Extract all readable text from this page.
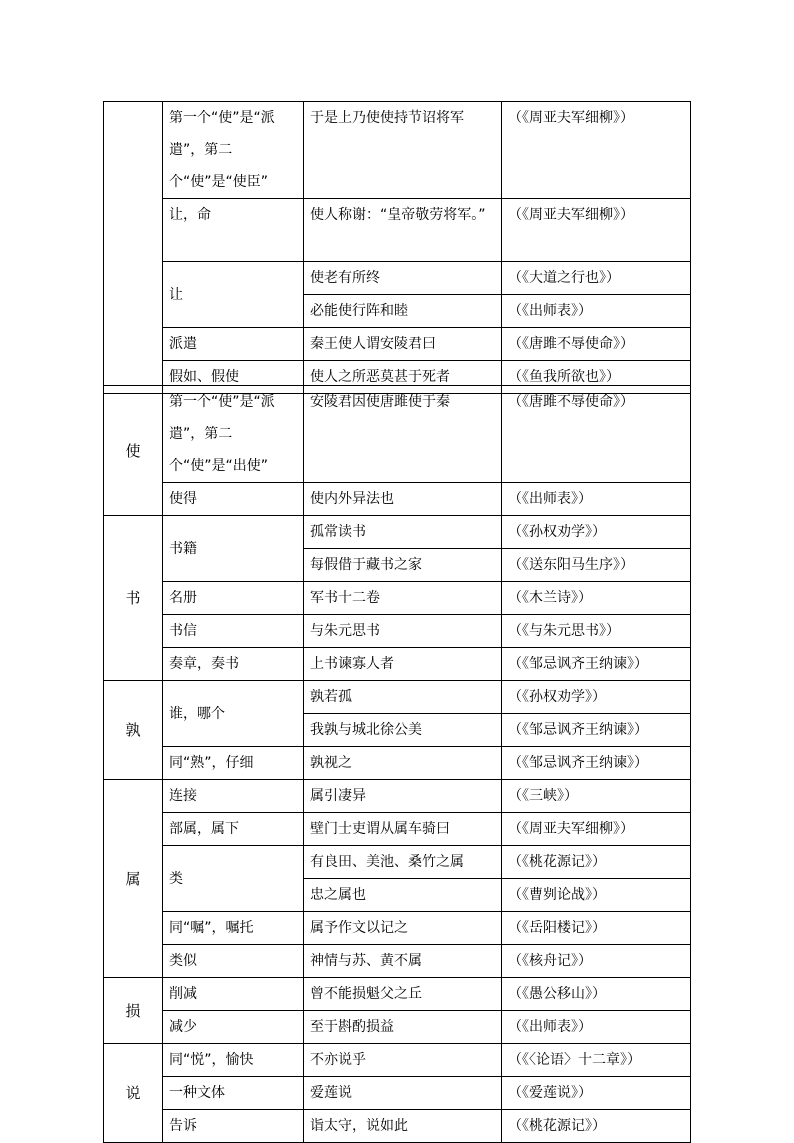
	第一个“使”是“派遣”，第二个“使”是“使臣”	于是上乃使使持节诏将军	（《周亚夫军细柳》）
	让，命	使人称谢：“皇帝敬劳将军。”	（《周亚夫军细柳》）
	让	使老有所终	（《大道之行也》）
		必能使行阵和睦	（《出师表》）
	派遣	秦王使人谓安陵君曰	（《唐雎不辱使命》）
	假如、假使	使人之所恶莫甚于死者	（《鱼我所欲也》）
使	第一个“使”是“派遣”，第二个“使”是“出使”	安陵君因使唐雎使于秦	（《唐雎不辱使命》）
	使得	使内外异法也	（《出师表》）
书	书籍	孤常读书	（《孙权劝学》）
		每假借于藏书之家	（《送东阳马生序》）
	名册	军书十二卷	（《木兰诗》）
	书信	与朱元思书	（《与朱元思书》）
	奏章，奏书	上书谏寡人者	（《邹忌讽齐王纳谏》）
孰	谁，哪个	孰若孤	（《孙权劝学》）
		我孰与城北徐公美	（《邹忌讽齐王纳谏》）
	同“熟”，仔细	孰视之	（《邹忌讽齐王纳谏》）
属	连接	属引凄异	（《三峡》）
	部属，属下	壁门士吏谓从属车骑曰	（《周亚夫军细柳》）
	类	有良田、美池、桑竹之属	（《桃花源记》）
		忠之属也	（《曹刿论战》）
	同“嘱”，嘱托	属予作文以记之	（《岳阳楼记》）
	类似	神情与苏、黄不属	（《核舟记》）
损	削减	曾不能损魁父之丘	（《愚公移山》）
	减少	至于斟酌损益	（《出师表》）
说	同“悦”，愉快	不亦说乎	（《〈论语〉十二章》）
	一种文体	爱莲说	（《爱莲说》）
	告诉	诣太守，说如此	（《桃花源记》）
